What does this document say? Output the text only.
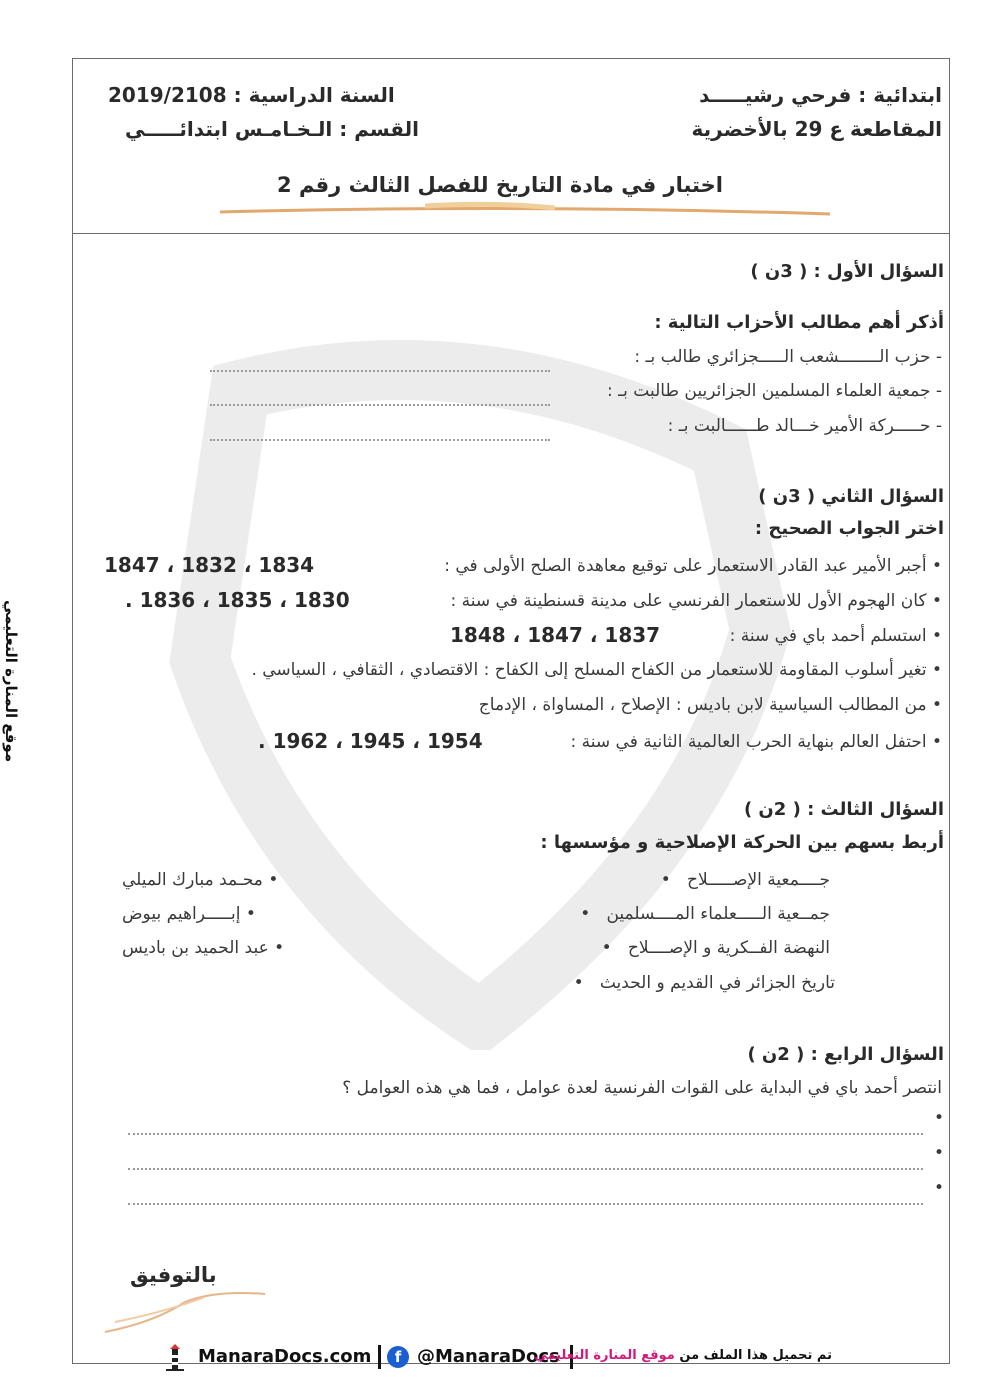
موقع المنارة التعليمي
ابتدائية : فرحي رشيـــــد
المقاطعة ع 29 بالأخضرية
السنة الدراسية : 2019/2108
القسم : الـخـامـس ابتدائـــــي
اختبار في مادة التاريخ للفصل الثالث رقم 2
السؤال الأول : ( 3ن )
أذكر أهم مطالب الأحزاب التالية :
- حزب الــــــــشعب الـــــجزائري طالب بـ :
- جمعية العلماء المسلمين الجزائريين طالبت بـ :
- حـــــركة الأمير خـــالد طــــــالبت بـ :
السؤال الثاني ( 3ن )
اختر الجواب الصحيح :
• أجبر الأمير عبد القادر الاستعمار على توقيع معاهدة الصلح الأولى في :
1834 ، 1832 ، 1847
• كان الهجوم الأول للاستعمار الفرنسي على مدينة قسنطينة في سنة :
1830 ، 1835 ، 1836 .
• استسلم أحمد باي في سنة :
1837 ، 1847 ، 1848
• تغير أسلوب المقاومة للاستعمار من الكفاح المسلح إلى الكفاح : الاقتصادي ، الثقافي ، السياسي .
• من المطالب السياسية لابن باديس : الإصلاح ، المساواة ، الإدماج
• احتفل العالم بنهاية الحرب العالمية الثانية في سنة :
1954 ، 1945 ، 1962 .
السؤال الثالث : ( 2ن )
أربط بسهم بين الحركة الإصلاحية و مؤسسها :
جــــمعية الإصـــــلاح   •
جمــعية الـــــعلماء المــــسلمين   •
النهضة الفــكرية و الإصــــلاح   •
تاريخ الجزائر في القديم و الحديث   •
• محـمد مبارك الميلي
• إبـــــراهيم بيوض
• عبد الحميد بن باديس
السؤال الرابع : ( 2ن )
انتصر أحمد باي في البداية على القوات الفرنسية لعدة عوامل ، فما هي هذه العوامل ؟
•
•
•
بالتوفيق
ManaraDocs.com	f @ManaraDocs	تم تحميل هذا الملف من موقع المنارة التعليمي
